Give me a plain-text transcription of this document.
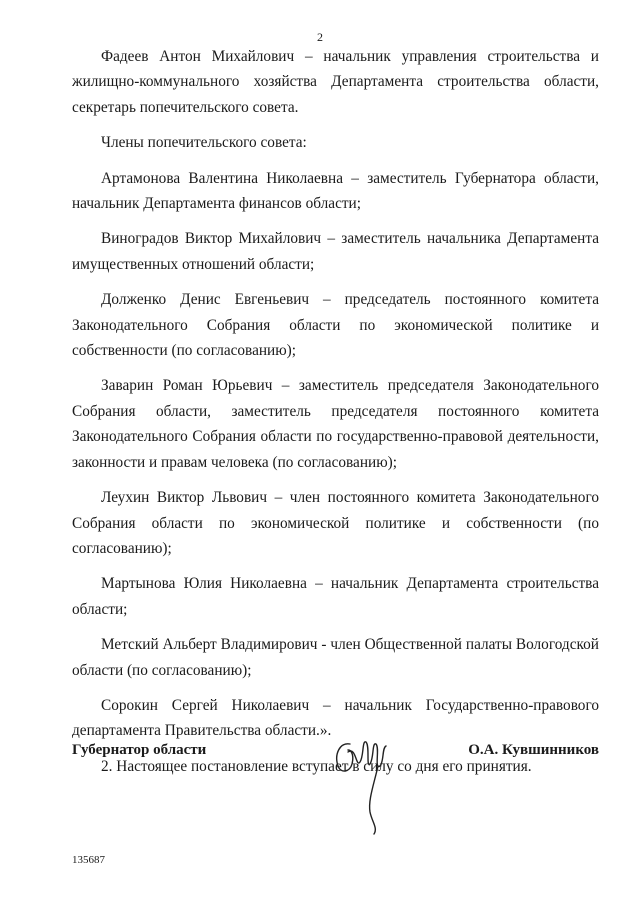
2

Фадеев Антон Михайлович – начальник управления строительства и жилищно-коммунального хозяйства Департамента строительства области, секретарь попечительского совета.

Члены попечительского совета:

Артамонова Валентина Николаевна – заместитель Губернатора области, начальник Департамента финансов области;

Виноградов Виктор Михайлович – заместитель начальника Департамента имущественных отношений области;

Долженко Денис Евгеньевич – председатель постоянного комитета Законодательного Собрания области по экономической политике и собственности (по согласованию);

Заварин Роман Юрьевич – заместитель председателя Законодательного Собрания области, заместитель председателя постоянного комитета Законодательного Собрания области по государственно-правовой деятельности, законности и правам человека (по согласованию);

Леухин Виктор Львович – член постоянного комитета Законодательного Собрания области по экономической политике и собственности (по согласованию);

Мартынова Юлия Николаевна – начальник Департамента строительства области;

Метский Альберт Владимирович - член Общественной палаты Вологодской области (по согласованию);

Сорокин Сергей Николаевич – начальник Государственно-правового департамента Правительства области.».

2. Настоящее постановление вступает в силу со дня его принятия.

Губернатор области	О.А. Кувшинников
135687
